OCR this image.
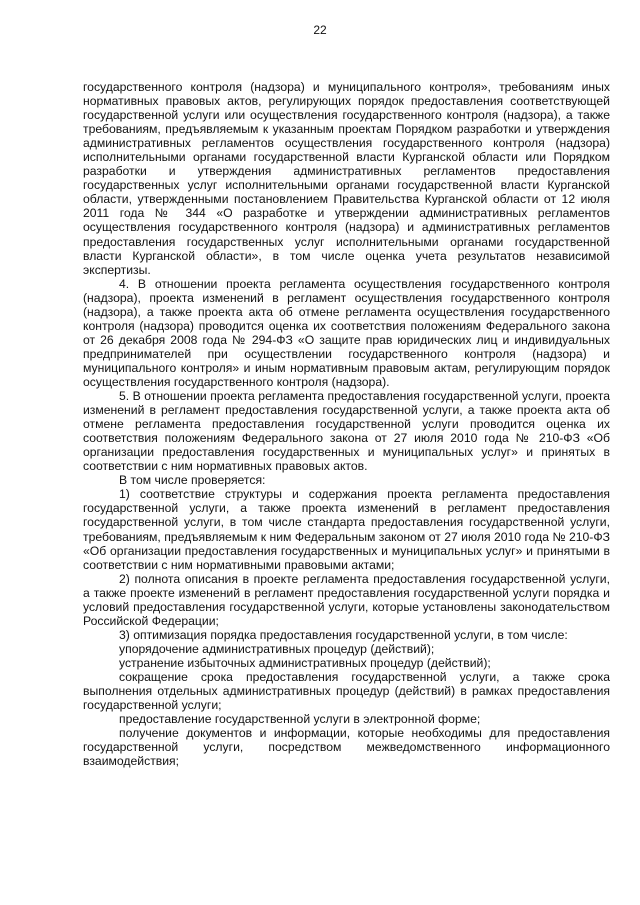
22

государственного контроля (надзора) и муниципального контроля», требованиям иных нормативных правовых актов, регулирующих порядок предоставления соответствующей государственной услуги или осуществления государственного контроля (надзора), а также требованиям, предъявляемым к указанным проектам Порядком разработки и утверждения административных регламентов осуществления государственного контроля (надзора) исполнительными органами государственной власти Курганской области или Порядком разработки и утверждения административных регламентов предоставления государственных услуг исполнительными органами государственной власти Курганской области, утвержденными постановлением Правительства Курганской области от 12 июля 2011 года № 344 «О разработке и утверждении административных регламентов осуществления государственного контроля (надзора) и административных регламентов предоставления государственных услуг исполнительными органами государственной власти Курганской области», в том числе оценка учета результатов независимой экспертизы.

4. В отношении проекта регламента осуществления государственного контроля (надзора), проекта изменений в регламент осуществления государственного контроля (надзора), а также проекта акта об отмене регламента осуществления государственного контроля (надзора) проводится оценка их соответствия положениям Федерального закона от 26 декабря 2008 года № 294-ФЗ «О защите прав юридических лиц и индивидуальных предпринимателей при осуществлении государственного контроля (надзора) и муниципального контроля» и иным нормативным правовым актам, регулирующим порядок осуществления государственного контроля (надзора).

5. В отношении проекта регламента предоставления государственной услуги, проекта изменений в регламент предоставления государственной услуги, а также проекта акта об отмене регламента предоставления государственной услуги проводится оценка их соответствия положениям Федерального закона от 27 июля 2010 года № 210-ФЗ «Об организации предоставления государственных и муниципальных услуг» и принятых в соответствии с ним нормативных правовых актов.

В том числе проверяется:

1) соответствие структуры и содержания проекта регламента предоставления государственной услуги, а также проекта изменений в регламент предоставления государственной услуги, в том числе стандарта предоставления государственной услуги, требованиям, предъявляемым к ним Федеральным законом от 27 июля 2010 года № 210-ФЗ «Об организации предоставления государственных и муниципальных услуг» и принятыми в соответствии с ним нормативными правовыми актами;

2) полнота описания в проекте регламента предоставления государственной услуги, а также проекте изменений в регламент предоставления государственной услуги порядка и условий предоставления государственной услуги, которые установлены законодательством Российской Федерации;

3) оптимизация порядка предоставления государственной услуги, в том числе:

упорядочение административных процедур (действий);

устранение избыточных административных процедур (действий);

сокращение срока предоставления государственной услуги, а также срока выполнения отдельных административных процедур (действий) в рамках предоставления государственной услуги;

предоставление государственной услуги в электронной форме;

получение документов и информации, которые необходимы для предоставления государственной услуги, посредством межведомственного информационного взаимодействия;
